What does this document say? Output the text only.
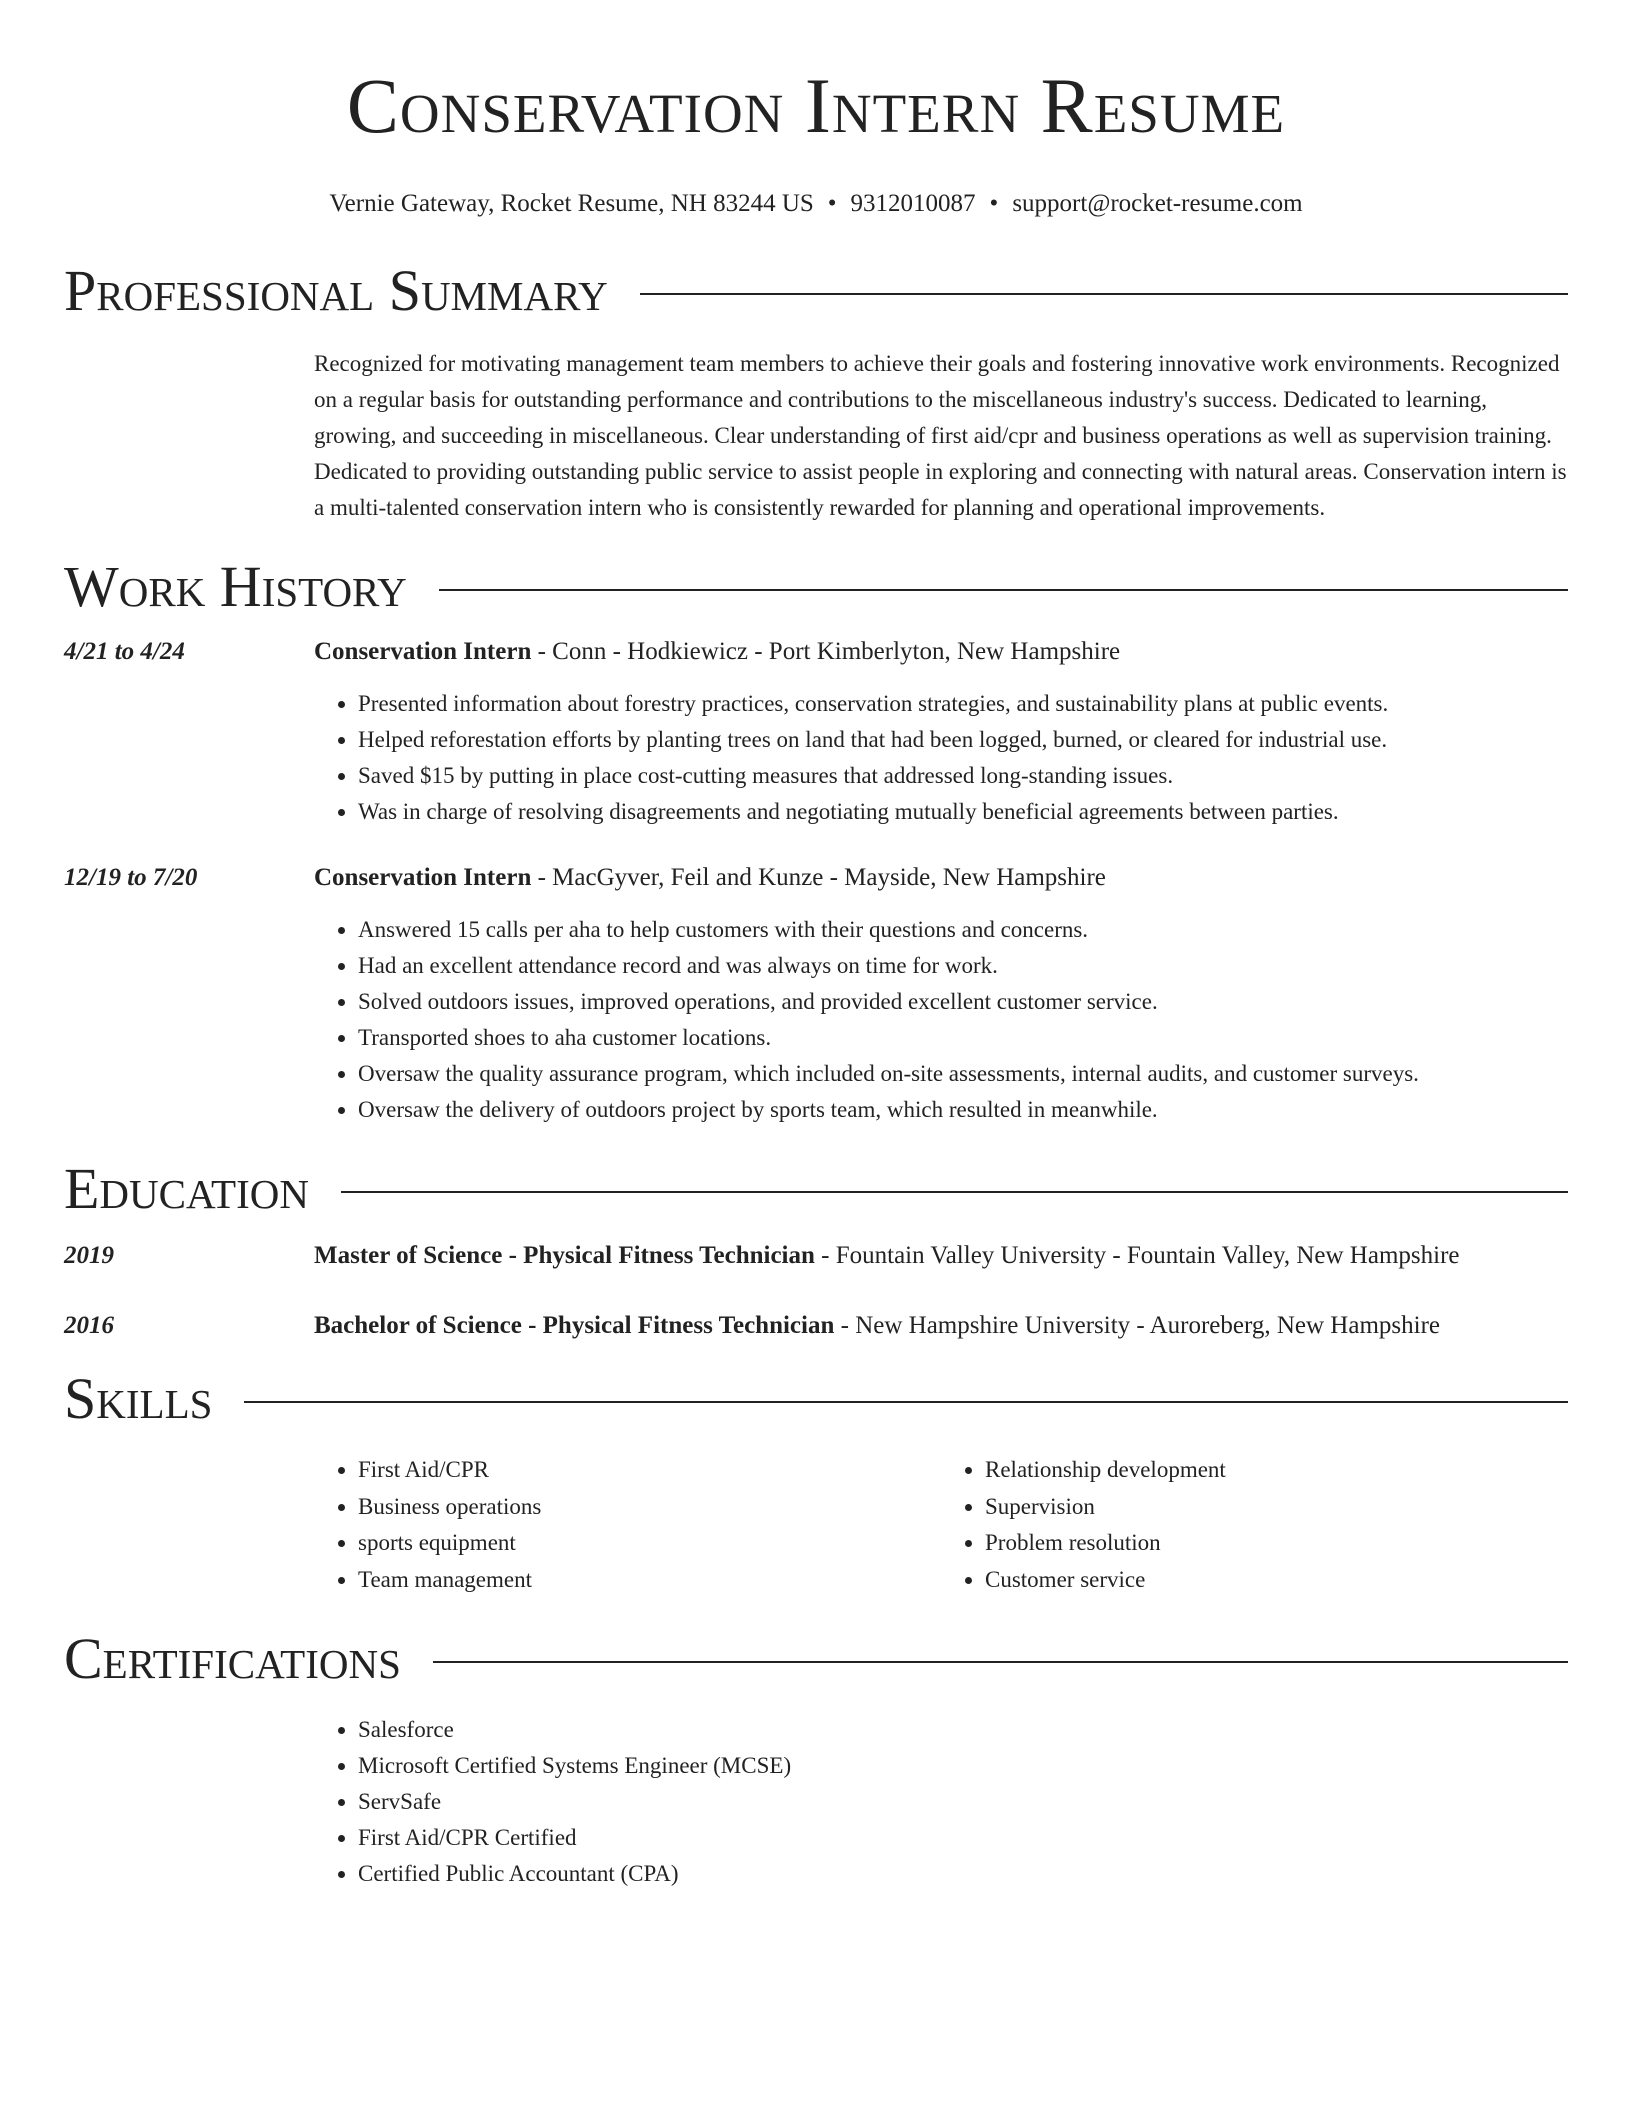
Conservation Intern Resume
Vernie Gateway, Rocket Resume, NH 83244 US • 9312010087 • support@rocket-resume.com
Professional Summary
Recognized for motivating management team members to achieve their goals and fostering innovative work environments. Recognized on a regular basis for outstanding performance and contributions to the miscellaneous industry's success. Dedicated to learning, growing, and succeeding in miscellaneous. Clear understanding of first aid/cpr and business operations as well as supervision training. Dedicated to providing outstanding public service to assist people in exploring and connecting with natural areas. Conservation intern is a multi-talented conservation intern who is consistently rewarded for planning and operational improvements.
Work History
4/21 to 4/24	Conservation Intern - Conn - Hodkiewicz - Port Kimberlyton, New Hampshire
• Presented information about forestry practices, conservation strategies, and sustainability plans at public events.
• Helped reforestation efforts by planting trees on land that had been logged, burned, or cleared for industrial use.
• Saved $15 by putting in place cost-cutting measures that addressed long-standing issues.
• Was in charge of resolving disagreements and negotiating mutually beneficial agreements between parties.
12/19 to 7/20	Conservation Intern - MacGyver, Feil and Kunze - Mayside, New Hampshire
• Answered 15 calls per aha to help customers with their questions and concerns.
• Had an excellent attendance record and was always on time for work.
• Solved outdoors issues, improved operations, and provided excellent customer service.
• Transported shoes to aha customer locations.
• Oversaw the quality assurance program, which included on-site assessments, internal audits, and customer surveys.
• Oversaw the delivery of outdoors project by sports team, which resulted in meanwhile.
Education
2019	Master of Science - Physical Fitness Technician - Fountain Valley University - Fountain Valley, New Hampshire
2016	Bachelor of Science - Physical Fitness Technician - New Hampshire University - Auroreberg, New Hampshire
Skills
• First Aid/CPR
• Business operations
• sports equipment
• Team management
• Relationship development
• Supervision
• Problem resolution
• Customer service
Certifications
• Salesforce
• Microsoft Certified Systems Engineer (MCSE)
• ServSafe
• First Aid/CPR Certified
• Certified Public Accountant (CPA)
